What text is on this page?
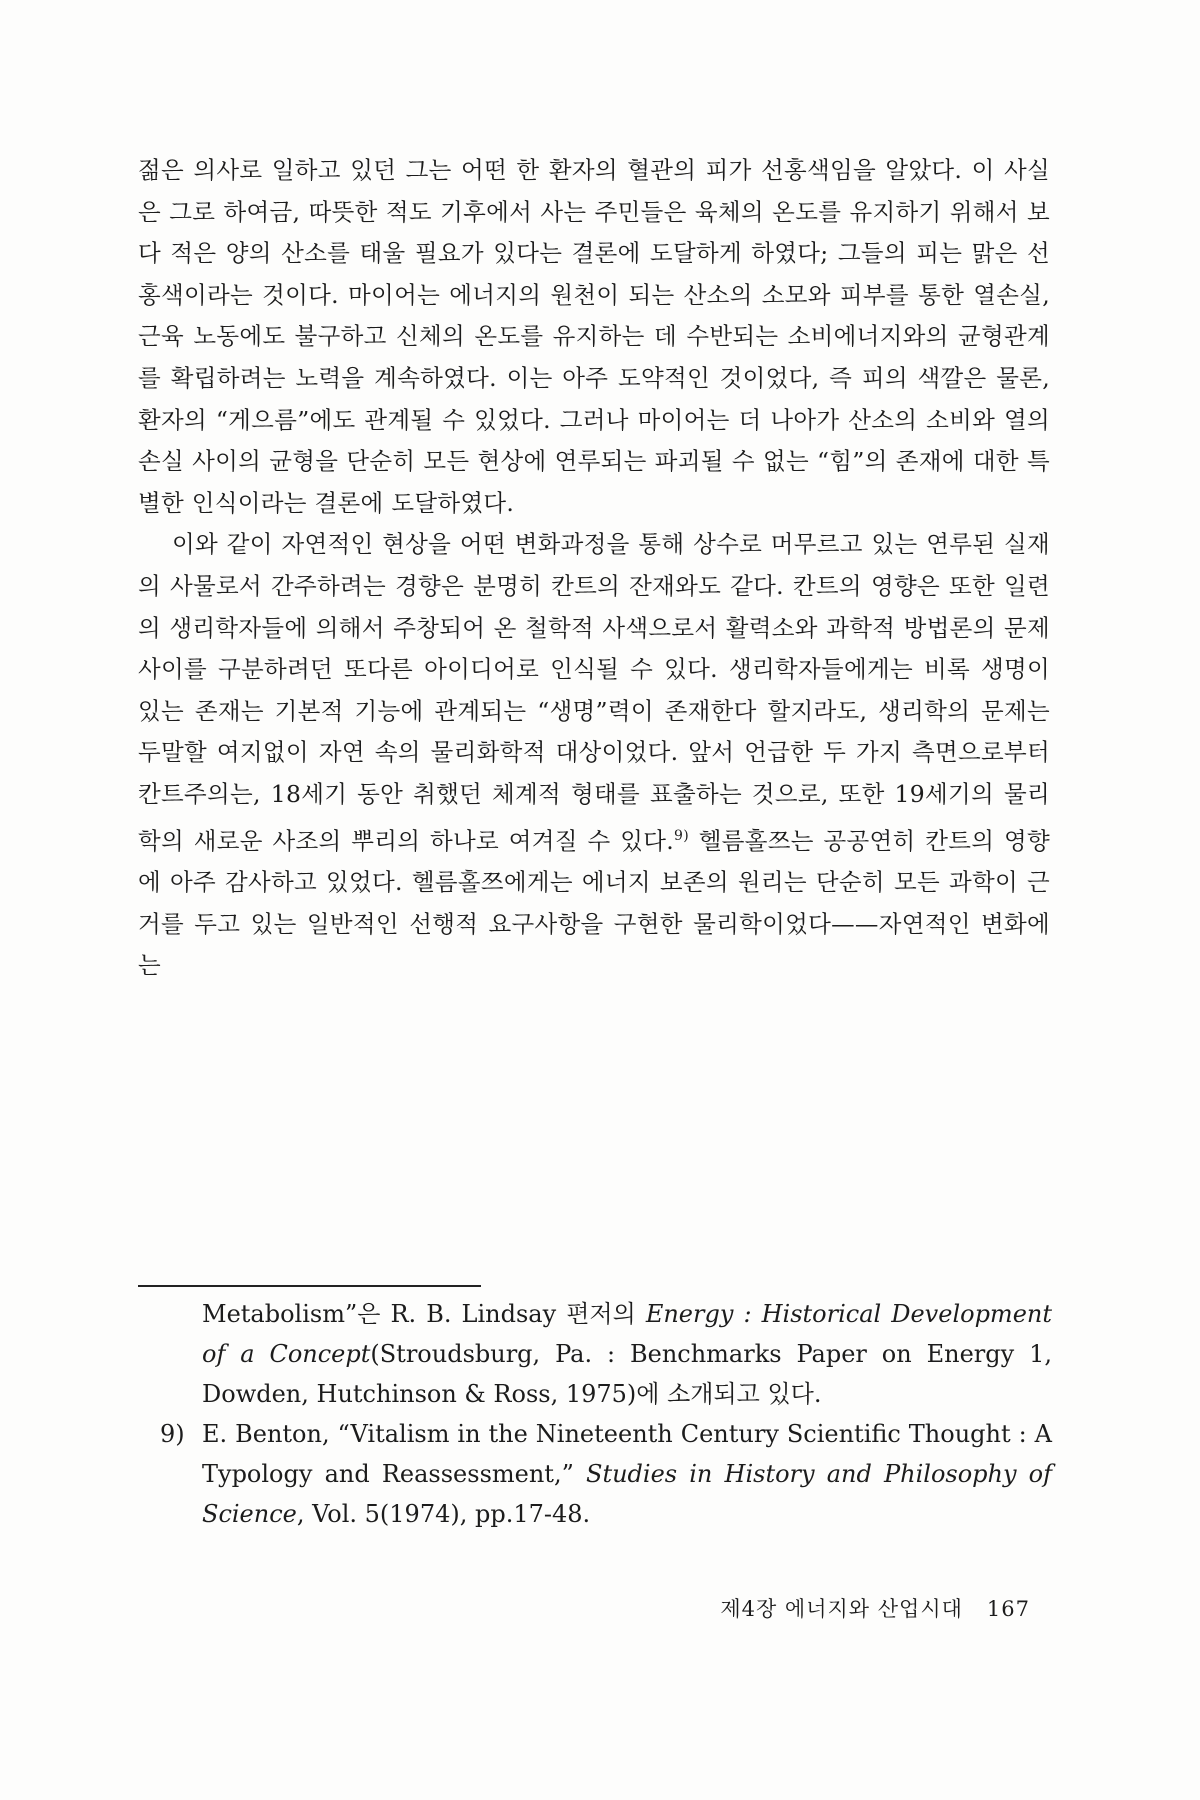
젊은 의사로 일하고 있던 그는 어떤 한 환자의 혈관의 피가 선홍색임을 알았다. 이 사실은 그로 하여금, 따뜻한 적도 기후에서 사는 주민들은 육체의 온도를 유지하기 위해서 보다 적은 양의 산소를 태울 필요가 있다는 결론에 도달하게 하였다; 그들의 피는 맑은 선홍색이라는 것이다. 마이어는 에너지의 원천이 되는 산소의 소모와 피부를 통한 열손실, 근육 노동에도 불구하고 신체의 온도를 유지하는 데 수반되는 소비에너지와의 균형관계를 확립하려는 노력을 계속하였다. 이는 아주 도약적인 것이었다, 즉 피의 색깔은 물론, 환자의 “게으름”에도 관계될 수 있었다. 그러나 마이어는 더 나아가 산소의 소비와 열의 손실 사이의 균형을 단순히 모든 현상에 연루되는 파괴될 수 없는 “힘”의 존재에 대한 특별한 인식이라는 결론에 도달하였다.

이와 같이 자연적인 현상을 어떤 변화과정을 통해 상수로 머무르고 있는 연루된 실재의 사물로서 간주하려는 경향은 분명히 칸트의 잔재와도 같다. 칸트의 영향은 또한 일련의 생리학자들에 의해서 주창되어 온 철학적 사색으로서 활력소와 과학적 방법론의 문제 사이를 구분하려던 또다른 아이디어로 인식될 수 있다. 생리학자들에게는 비록 생명이 있는 존재는 기본적 기능에 관계되는 “생명”력이 존재한다 할지라도, 생리학의 문제는 두말할 여지없이 자연 속의 물리화학적 대상이었다. 앞서 언급한 두 가지 측면으로부터 칸트주의는, 18세기 동안 취했던 체계적 형태를 표출하는 것으로, 또한 19세기의 물리학의 새로운 사조의 뿌리의 하나로 여겨질 수 있다.$^{9)}$ 헬름홀쯔는 공공연히 칸트의 영향에 아주 감사하고 있었다. 헬름홀쯔에게는 에너지 보존의 원리는 단순히 모든 과학이 근거를 두고 있는 일반적인 선행적 요구사항을 구현한 물리학이었다——자연적인 변화에는

Metabolism”은 R. B. Lindsay 편저의 Energy : Historical Development of a Concept(Stroudsburg, Pa. : Benchmarks Paper on Energy 1, Dowden, Hutchinson & Ross, 1975)에 소개되고 있다.

9) E. Benton, “Vitalism in the Nineteenth Century Scientific Thought : A Typology and Reassessment,” Studies in History and Philosophy of Science, Vol. 5(1974), pp.17-48.

제4장 에너지와 산업시대 167
